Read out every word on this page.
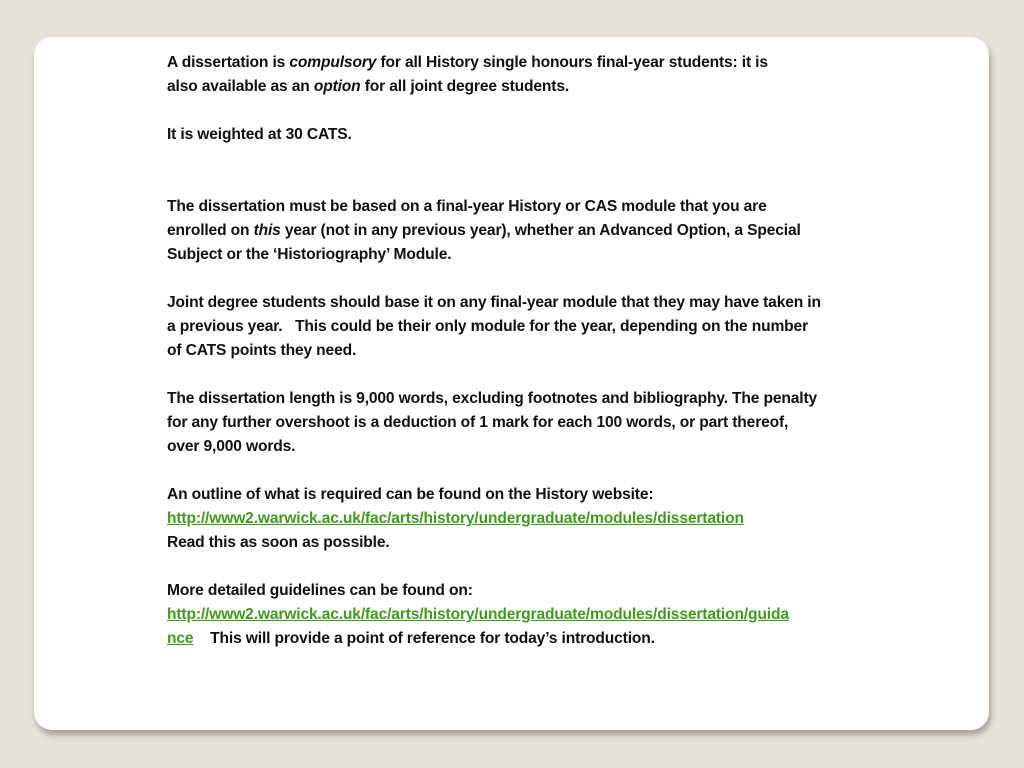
A dissertation is compulsory for all History single honours final-year students: it is
also available as an option for all joint degree students.
It is weighted at 30 CATS.
The dissertation must be based on a final-year History or CAS module that you are
enrolled on this year (not in any previous year), whether an Advanced Option, a Special
Subject or the ‘Historiography’ Module.
Joint degree students should base it on any final-year module that they may have taken in
a previous year.   This could be their only module for the year, depending on the number
of CATS points they need.
The dissertation length is 9,000 words, excluding footnotes and bibliography. The penalty
for any further overshoot is a deduction of 1 mark for each 100 words, or part thereof,
over 9,000 words.
An outline of what is required can be found on the History website:
http://www2.warwick.ac.uk/fac/arts/history/undergraduate/modules/dissertation
Read this as soon as possible.
More detailed guidelines can be found on:
http://www2.warwick.ac.uk/fac/arts/history/undergraduate/modules/dissertation/guida
nce    This will provide a point of reference for today’s introduction.
